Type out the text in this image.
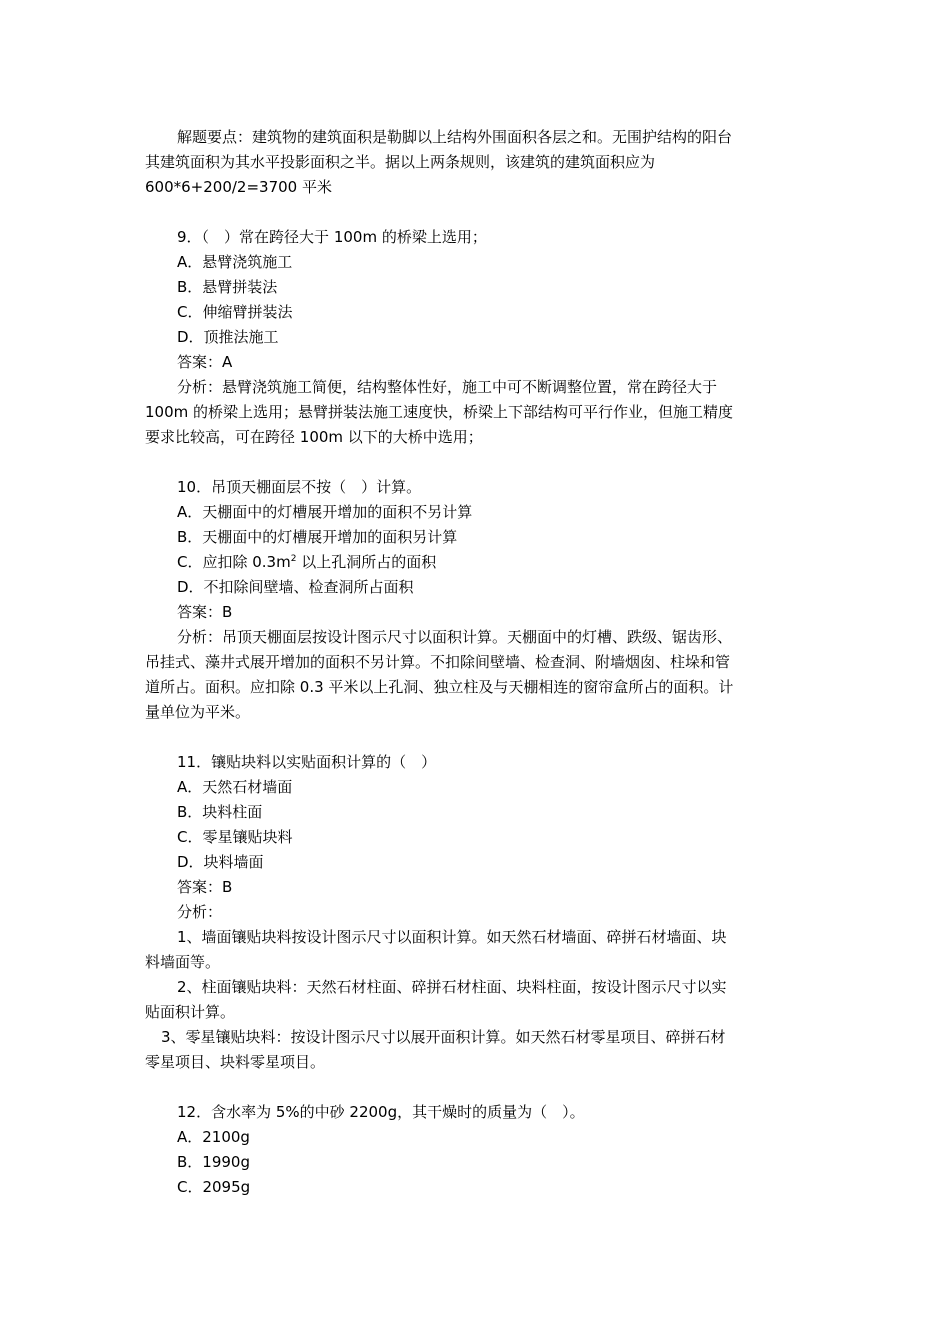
解题要点：建筑物的建筑面积是勒脚以上结构外围面积各层之和。无围护结构的阳台

其建筑面积为其水平投影面积之半。据以上两条规则，该建筑的建筑面积应为

600*6+200/2=3700 平米

9．（　）常在跨径大于 100m 的桥梁上选用；

A．悬臂浇筑施工

B．悬臂拼装法

C．伸缩臂拼装法

D．顶推法施工

答案：A

分析：悬臂浇筑施工简便，结构整体性好，施工中可不断调整位置，常在跨径大于

100m 的桥梁上选用；悬臂拼装法施工速度快，桥梁上下部结构可平行作业，但施工精度

要求比较高，可在跨径 100m 以下的大桥中选用；

10．吊顶天棚面层不按（　）计算。

A．天棚面中的灯槽展开增加的面积不另计算

B．天棚面中的灯槽展开增加的面积另计算

C．应扣除 $0.3m^2$ 以上孔洞所占的面积

D．不扣除间壁墙、检查洞所占面积

答案：B

分析：吊顶天棚面层按设计图示尺寸以面积计算。天棚面中的灯槽、跌级、锯齿形、

吊挂式、藻井式展开增加的面积不另计算。不扣除间壁墙、检查洞、附墙烟囱、柱垛和管

道所占。面积。应扣除 0.3 平米以上孔洞、独立柱及与天棚相连的窗帘盒所占的面积。计

量单位为平米。

11．镶贴块料以实贴面积计算的（　）

A．天然石材墙面

B．块料柱面

C．零星镶贴块料

D．块料墙面

答案：B

分析：

1、墙面镶贴块料按设计图示尺寸以面积计算。如天然石材墙面、碎拼石材墙面、块

料墙面等。

2、柱面镶贴块料：天然石材柱面、碎拼石材柱面、块料柱面，按设计图示尺寸以实

贴面积计算。

3、零星镶贴块料：按设计图示尺寸以展开面积计算。如天然石材零星项目、碎拼石材

零星项目、块料零星项目。

12．含水率为 5%的中砂 2200g，其干燥时的质量为（　）。

A．2100g

B．1990g

C．2095g
